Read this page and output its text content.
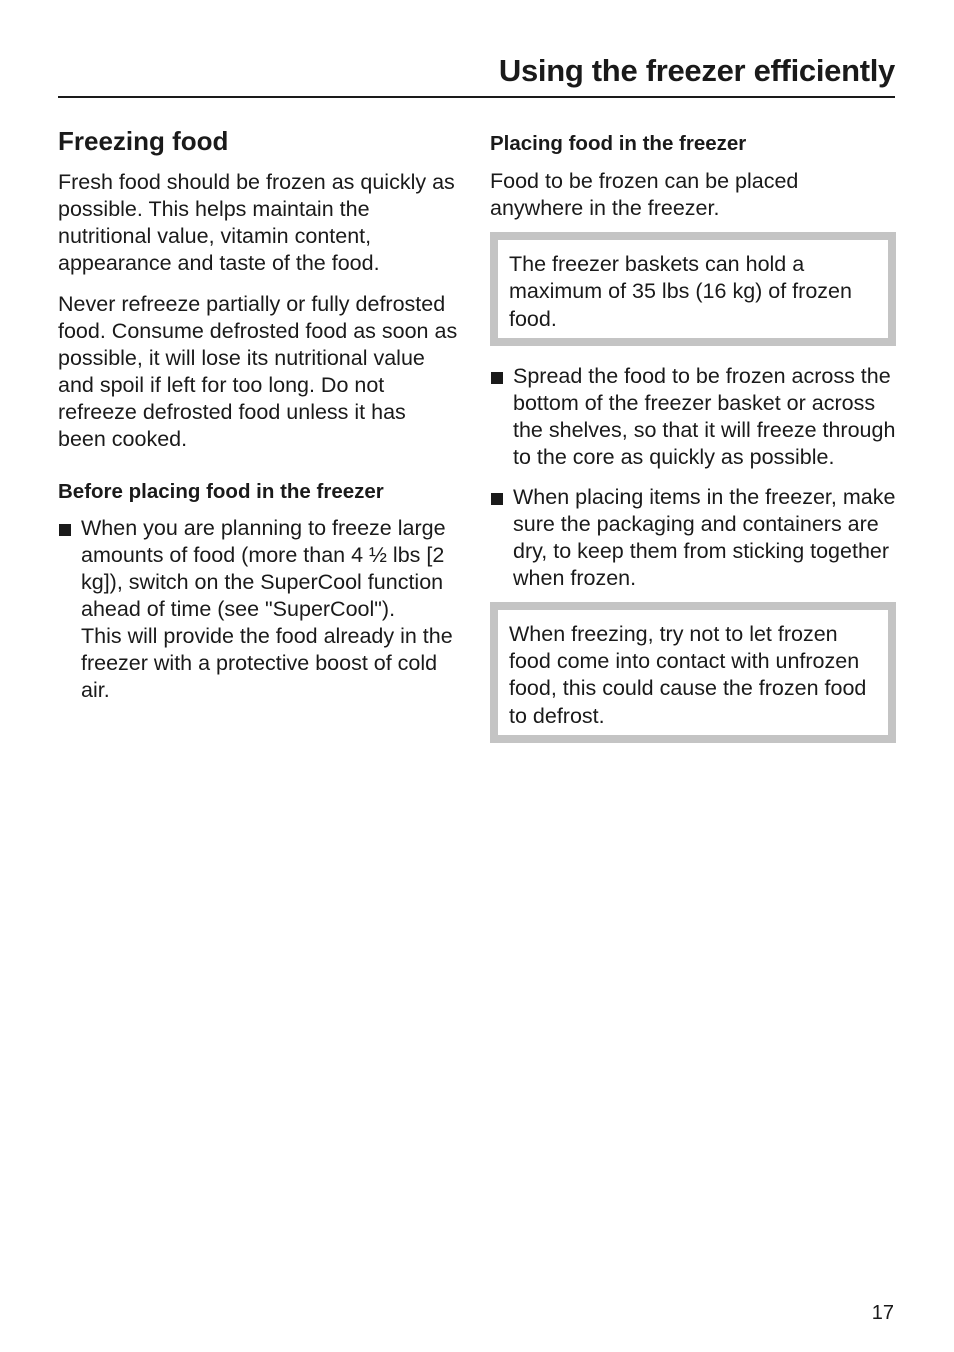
Using the freezer efficiently
Freezing food

Fresh food should be frozen as quickly as possible. This helps maintain the nutritional value, vitamin content, appearance and taste of the food.

Never refreeze partially or fully defrosted food. Consume defrosted food as soon as possible, it will lose its nutritional value and spoil if left for too long. Do not refreeze defrosted food unless it has been cooked.

Before placing food in the freezer
When you are planning to freeze large amounts of food (more than 4 ½ lbs [2 kg]), switch on the SuperCool function ahead of time (see "SuperCool").
This will provide the food already in the freezer with a protective boost of cold air.
Placing food in the freezer

Food to be frozen can be placed anywhere in the freezer.

The freezer baskets can hold a maximum of 35 lbs (16 kg) of frozen food.

Spread the food to be frozen across the bottom of the freezer basket or across the shelves, so that it will freeze through to the core as quickly as possible.
When placing items in the freezer, make sure the packaging and containers are dry, to keep them from sticking together when frozen.

When freezing, try not to let frozen food come into contact with unfrozen food, this could cause the frozen food to defrost.

17
